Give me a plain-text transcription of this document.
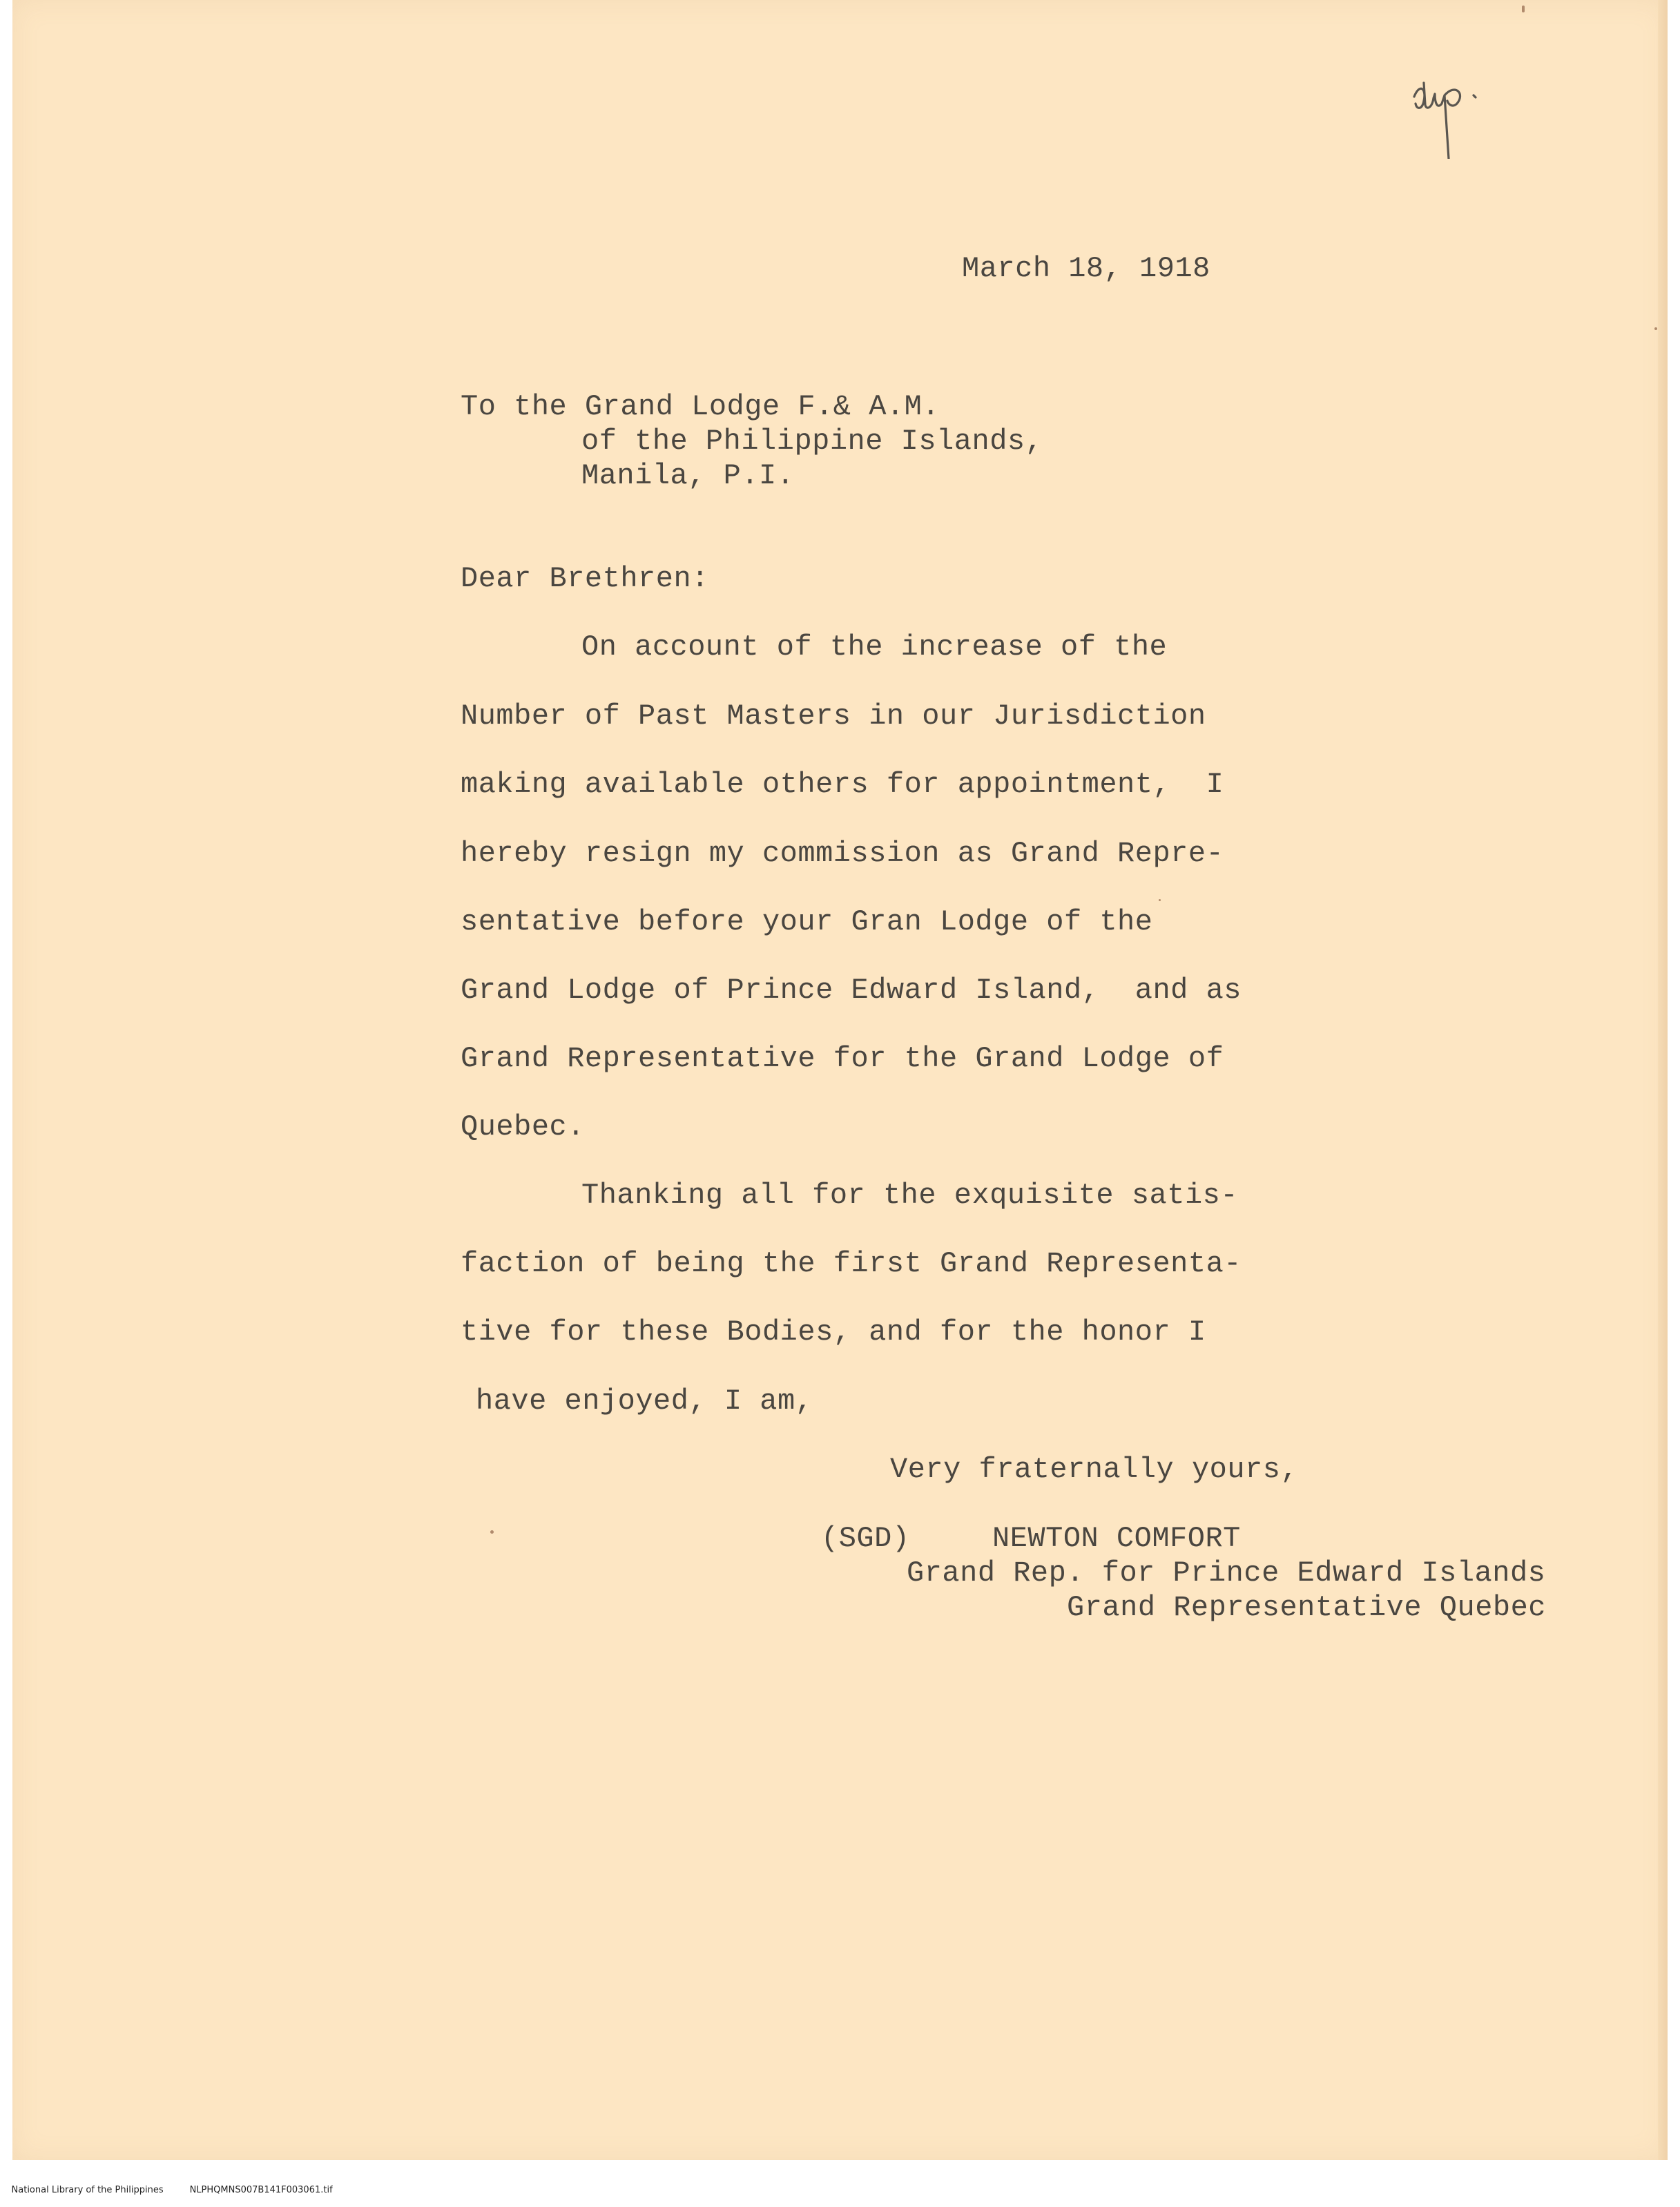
March 18, 1918

To the Grand Lodge F.& A.M.

of the Philippine Islands,

Manila, P.I.

Dear Brethren:

On account of the increase of the

Number of Past Masters in our Jurisdiction

making available others for appointment,  I

hereby resign my commission as Grand Repre-

sentative before your Gran Lodge of the

Grand Lodge of Prince Edward Island,  and as

Grand Representative for the Grand Lodge of

Quebec.

Thanking all for the exquisite satis-

faction of being the first Grand Representa-

tive for these Bodies, and for the honor I

have enjoyed, I am,

Very fraternally yours,

(SGD)	NEWTON COMFORT

Grand Rep. for Prince Edward Islands

Grand Representative Quebec

National Library of the Philippines	NLPHQMNS007B141F003061.tif
